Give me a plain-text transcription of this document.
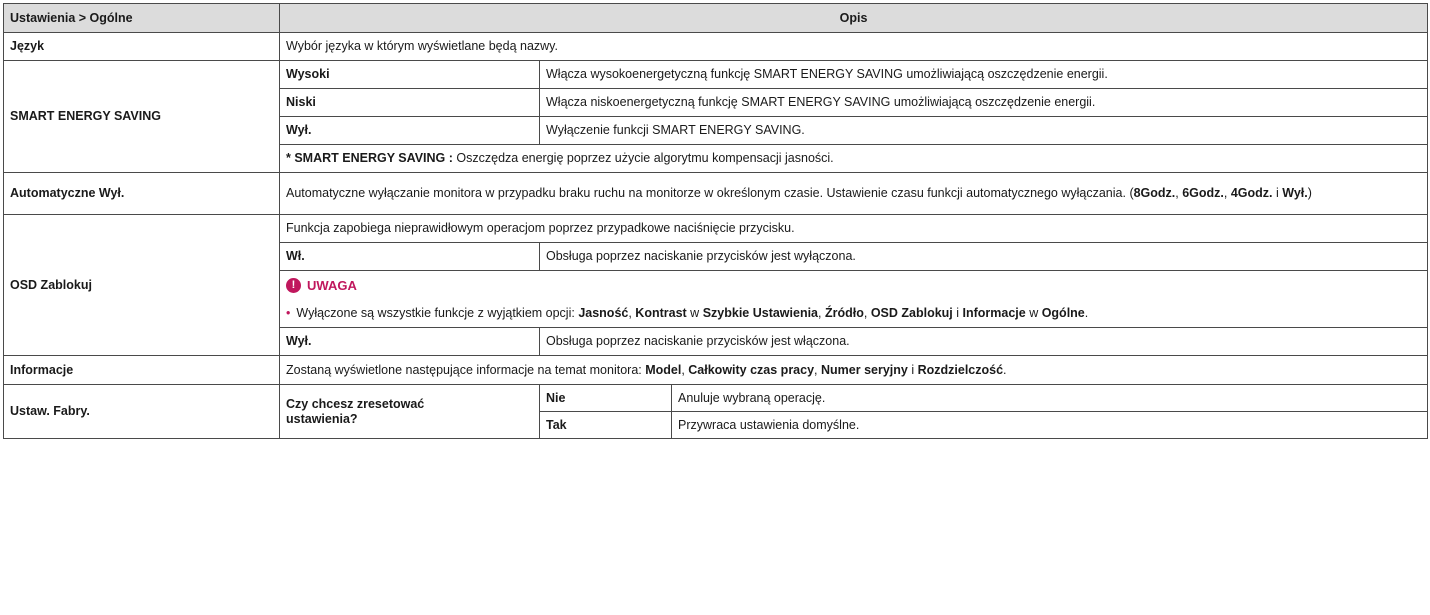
Ustawienia > Ogólne	Opis		
Język	Wybór języka w którym wyświetlane będą nazwy.		
SMART ENERGY SAVING	Wysoki	Włącza wysokoenergetyczną funkcję SMART ENERGY SAVING umożliwiającą oszczędzenie energii.	
	Niski	Włącza niskoenergetyczną funkcję SMART ENERGY SAVING umożliwiającą oszczędzenie energii.	
	Wył.	Wyłączenie funkcji SMART ENERGY SAVING.	
	* SMART ENERGY SAVING : Oszczędza energię poprzez użycie algorytmu kompensacji jasności.		
Automatyczne Wył.	Automatyczne wyłączanie monitora w przypadku braku ruchu na monitorze w określonym czasie. Ustawienie czasu funkcji automatycznego wyłączania. (8Godz., 6Godz., 4Godz. i Wył.)		
OSD Zablokuj	Funkcja zapobiega nieprawidłowym operacjom poprzez przypadkowe naciśnięcie przycisku.		
	Wł.	Obsługa poprzez naciskanie przycisków jest wyłączona.	

! UWAGA		

	• Wyłączone są wszystkie funkcje z wyjątkiem opcji: Jasność, Kontrast w Szybkie Ustawienia, Źródło, OSD Zablokuj i Informacje w Ogólne.		
	Wył.	Obsługa poprzez naciskanie przycisków jest włączona.	
Informacje	Zostaną wyświetlone następujące informacje na temat monitora: Model, Całkowity czas pracy, Numer seryjny i Rozdzielczość.		
Ustaw. Fabry.	Czy chcesz zresetować ustawienia?	Nie	Anuluje wybraną operację.
		Tak	Przywraca ustawienia domyślne.
